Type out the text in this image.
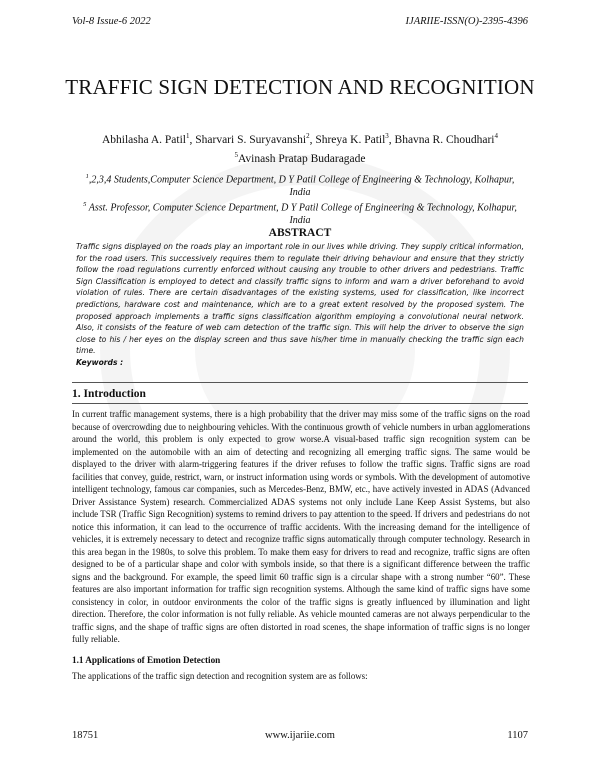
Vol-8 Issue-6 2022	IJARIIE-ISSN(O)-2395-4396
TRAFFIC SIGN DETECTION AND RECOGNITION
Abhilasha A. Patil$^1$, Sharvari S. Suryavanshi$^2$, Shreya K. Patil$^3$, Bhavna R. Choudhari$^4$
$^5$Avinash Pratap Budaragade
$^1$,2,3,4 Students,Computer Science Department, D Y Patil College of Engineering & Technology, Kolhapur, India
$^5$ Asst. Professor, Computer Science Department, D Y Patil College of Engineering & Technology, Kolhapur, India
ABSTRACT
Traffic signs displayed on the roads play an important role in our lives while driving. They supply critical information, for the road users. This successively requires them to regulate their driving behaviour and ensure that they strictly follow the road regulations currently enforced without causing any trouble to other drivers and pedestrians. Traffic Sign Classification is employed to detect and classify traffic signs to inform and warn a driver beforehand to avoid violation of rules. There are certain disadvantages of the existing systems, used for classification, like incorrect predictions, hardware cost and maintenance, which are to a great extent resolved by the proposed system. The proposed approach implements a traffic signs classification algorithm employing a convolutional neural network. Also, it consists of the feature of web cam detection of the traffic sign. This will help the driver to observe the sign close to his / her eyes on the display screen and thus save his/her time in manually checking the traffic sign each time.
Keywords :
1. Introduction
In current traffic management systems, there is a high probability that the driver may miss some of the traffic signs on the road because of overcrowding due to neighbouring vehicles. With the continuous growth of vehicle numbers in urban agglomerations around the world, this problem is only expected to grow worse.A visual-based traffic sign recognition system can be implemented on the automobile with an aim of detecting and recognizing all emerging traffic signs. The same would be displayed to the driver with alarm-triggering features if the driver refuses to follow the traffic signs. Traffic signs are road facilities that convey, guide, restrict, warn, or instruct information using words or symbols. With the development of automotive intelligent technology, famous car companies, such as Mercedes-Benz, BMW, etc., have actively invested in ADAS (Advanced Driver Assistance System) research. Commercialized ADAS systems not only include Lane Keep Assist Systems, but also include TSR (Traffic Sign Recognition) systems to remind drivers to pay attention to the speed. If drivers and pedestrians do not notice this information, it can lead to the occurrence of traffic accidents. With the increasing demand for the intelligence of vehicles, it is extremely necessary to detect and recognize traffic signs automatically through computer technology. Research in this area began in the 1980s, to solve this problem. To make them easy for drivers to read and recognize, traffic signs are often designed to be of a particular shape and color with symbols inside, so that there is a significant difference between the traffic signs and the background. For example, the speed limit 60 traffic sign is a circular shape with a strong number “60”. These features are also important information for traffic sign recognition systems. Although the same kind of traffic signs have some consistency in color, in outdoor environments the color of the traffic signs is greatly influenced by illumination and light direction. Therefore, the color information is not fully reliable. As vehicle mounted cameras are not always perpendicular to the traffic signs, and the shape of traffic signs are often distorted in road scenes, the shape information of traffic signs is no longer fully reliable.
1.1 Applications of Emotion Detection
The applications of the traffic sign detection and recognition system are as follows:
18751	www.ijariie.com	1107
